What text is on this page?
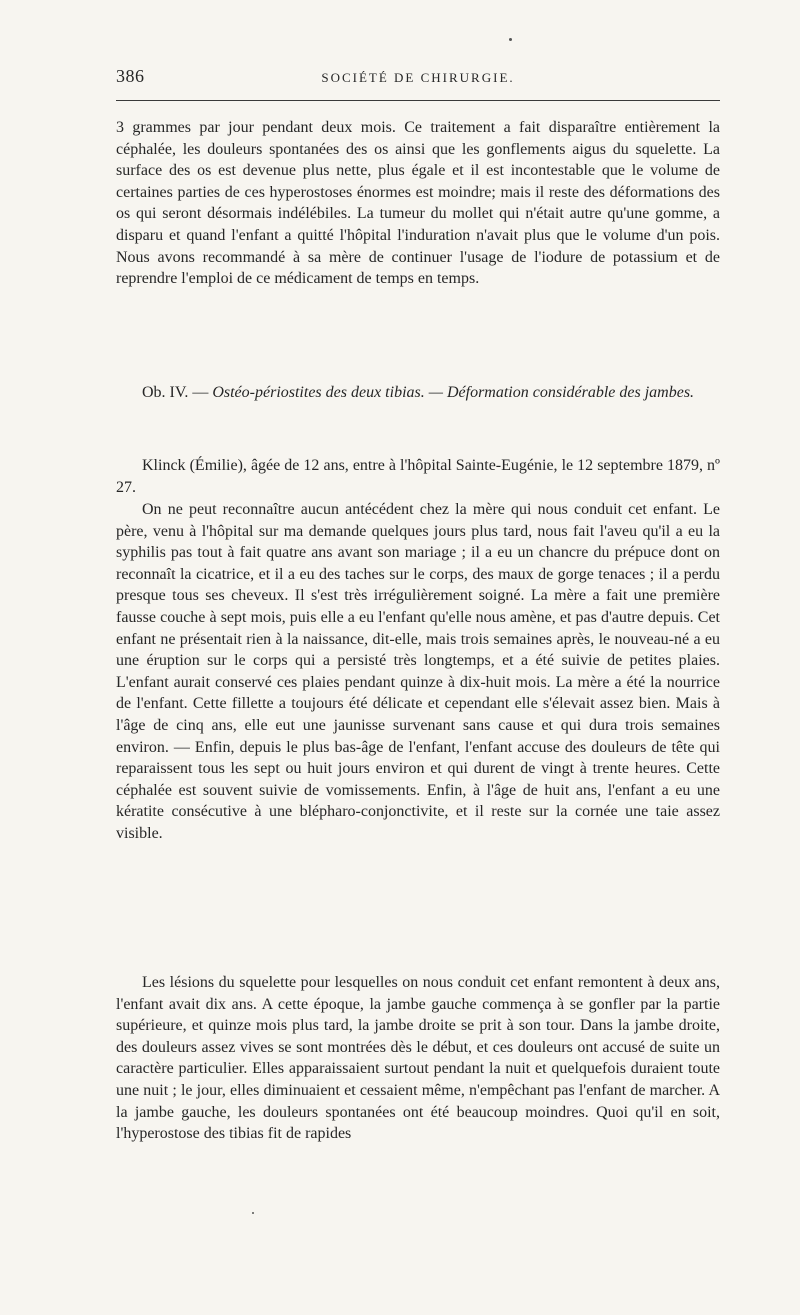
386	SOCIÉTÉ DE CHIRURGIE.

3 grammes par jour pendant deux mois. Ce traitement a fait disparaître entièrement la céphalée, les douleurs spontanées des os ainsi que les gonflements aigus du squelette. La surface des os est devenue plus nette, plus égale et il est incontestable que le volume de certaines parties de ces hyperostoses énormes est moindre; mais il reste des déformations des os qui seront désormais indélébiles. La tumeur du mollet qui n'était autre qu'une gomme, a disparu et quand l'enfant a quitté l'hôpital l'induration n'avait plus que le volume d'un pois. Nous avons recommandé à sa mère de continuer l'usage de l'iodure de potassium et de reprendre l'emploi de ce médicament de temps en temps.

Ob. IV. — Ostéo-périostites des deux tibias. — Déformation considérable des jambes.

Klinck (Émilie), âgée de 12 ans, entre à l'hôpital Sainte-Eugénie, le 12 septembre 1879, nº 27.

On ne peut reconnaître aucun antécédent chez la mère qui nous conduit cet enfant. Le père, venu à l'hôpital sur ma demande quelques jours plus tard, nous fait l'aveu qu'il a eu la syphilis pas tout à fait quatre ans avant son mariage ; il a eu un chancre du prépuce dont on reconnaît la cicatrice, et il a eu des taches sur le corps, des maux de gorge tenaces ; il a perdu presque tous ses cheveux. Il s'est très irrégulièrement soigné. La mère a fait une première fausse couche à sept mois, puis elle a eu l'enfant qu'elle nous amène, et pas d'autre depuis. Cet enfant ne présentait rien à la naissance, dit-elle, mais trois semaines après, le nouveau-né a eu une éruption sur le corps qui a persisté très longtemps, et a été suivie de petites plaies. L'enfant aurait conservé ces plaies pendant quinze à dix-huit mois. La mère a été la nourrice de l'enfant. Cette fillette a toujours été délicate et cependant elle s'élevait assez bien. Mais à l'âge de cinq ans, elle eut une jaunisse survenant sans cause et qui dura trois semaines environ. — Enfin, depuis le plus bas-âge de l'enfant, l'enfant accuse des douleurs de tête qui reparaissent tous les sept ou huit jours environ et qui durent de vingt à trente heures. Cette céphalée est souvent suivie de vomissements. Enfin, à l'âge de huit ans, l'enfant a eu une kératite consécutive à une blépharo-conjonctivite, et il reste sur la cornée une taie assez visible.

Les lésions du squelette pour lesquelles on nous conduit cet enfant remontent à deux ans, l'enfant avait dix ans. A cette époque, la jambe gauche commença à se gonfler par la partie supérieure, et quinze mois plus tard, la jambe droite se prit à son tour. Dans la jambe droite, des douleurs assez vives se sont montrées dès le début, et ces douleurs ont accusé de suite un caractère particulier. Elles apparaissaient surtout pendant la nuit et quelquefois duraient toute une nuit ; le jour, elles diminuaient et cessaient même, n'empêchant pas l'enfant de marcher. A la jambe gauche, les douleurs spontanées ont été beaucoup moindres. Quoi qu'il en soit, l'hyperostose des tibias fit de rapides
